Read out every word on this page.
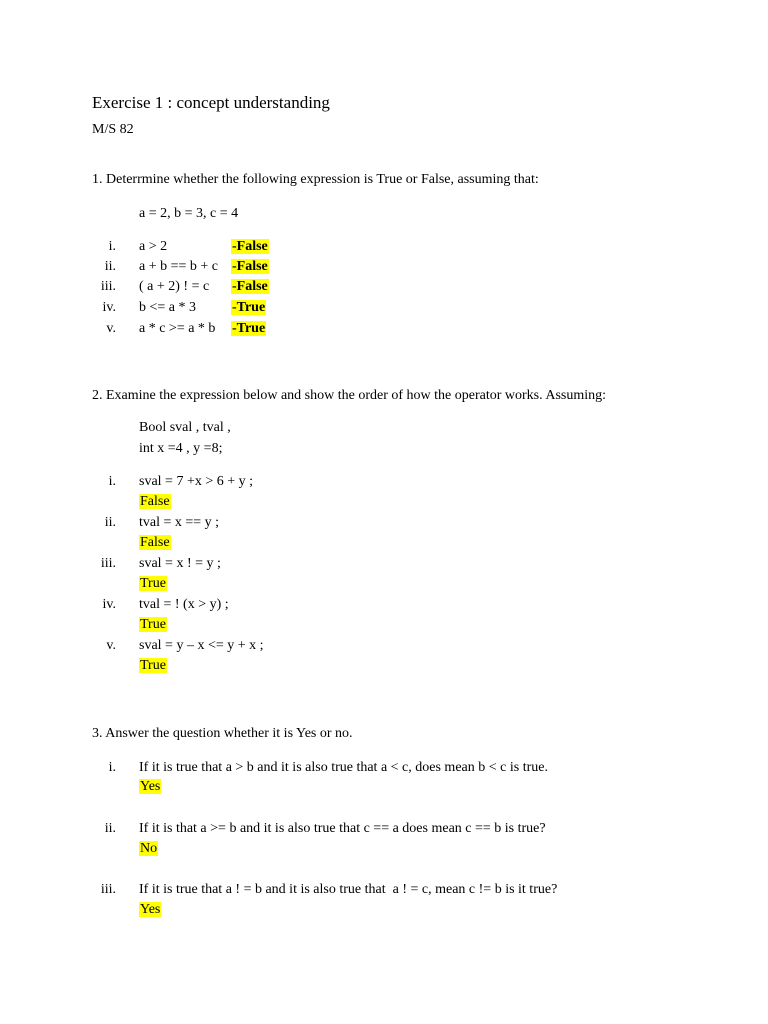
Exercise 1 : concept understanding
M/S 82
1. Deterrmine whether the following expression is True or False, assuming that:
a = 2, b = 3, c = 4
i. a > 2	-False
ii. a + b == b + c -False
iii. ( a + 2) ! = c -False
iv. b <= a * 3	-True
v. a * c >= a * b -True
2. Examine the expression below and show the order of how the operator works. Assuming:
Bool sval , tval ,
int x =4 , y =8;
i. sval = 7 +x > 6 + y ;
False
ii. tval = x == y ;
False
iii. sval = x ! = y ;
True
iv. tval = ! (x > y) ;
True
v. sval = y – x <= y + x ;
True
3. Answer the question whether it is Yes or no.
i. If it is true that a > b and it is also true that a < c, does mean b < c is true.
Yes
ii. If it is that a >= b and it is also true that c == a does mean c == b is true?
No
iii. If it is true that a ! = b and it is also true that  a ! = c, mean c != b is it true?
Yes
